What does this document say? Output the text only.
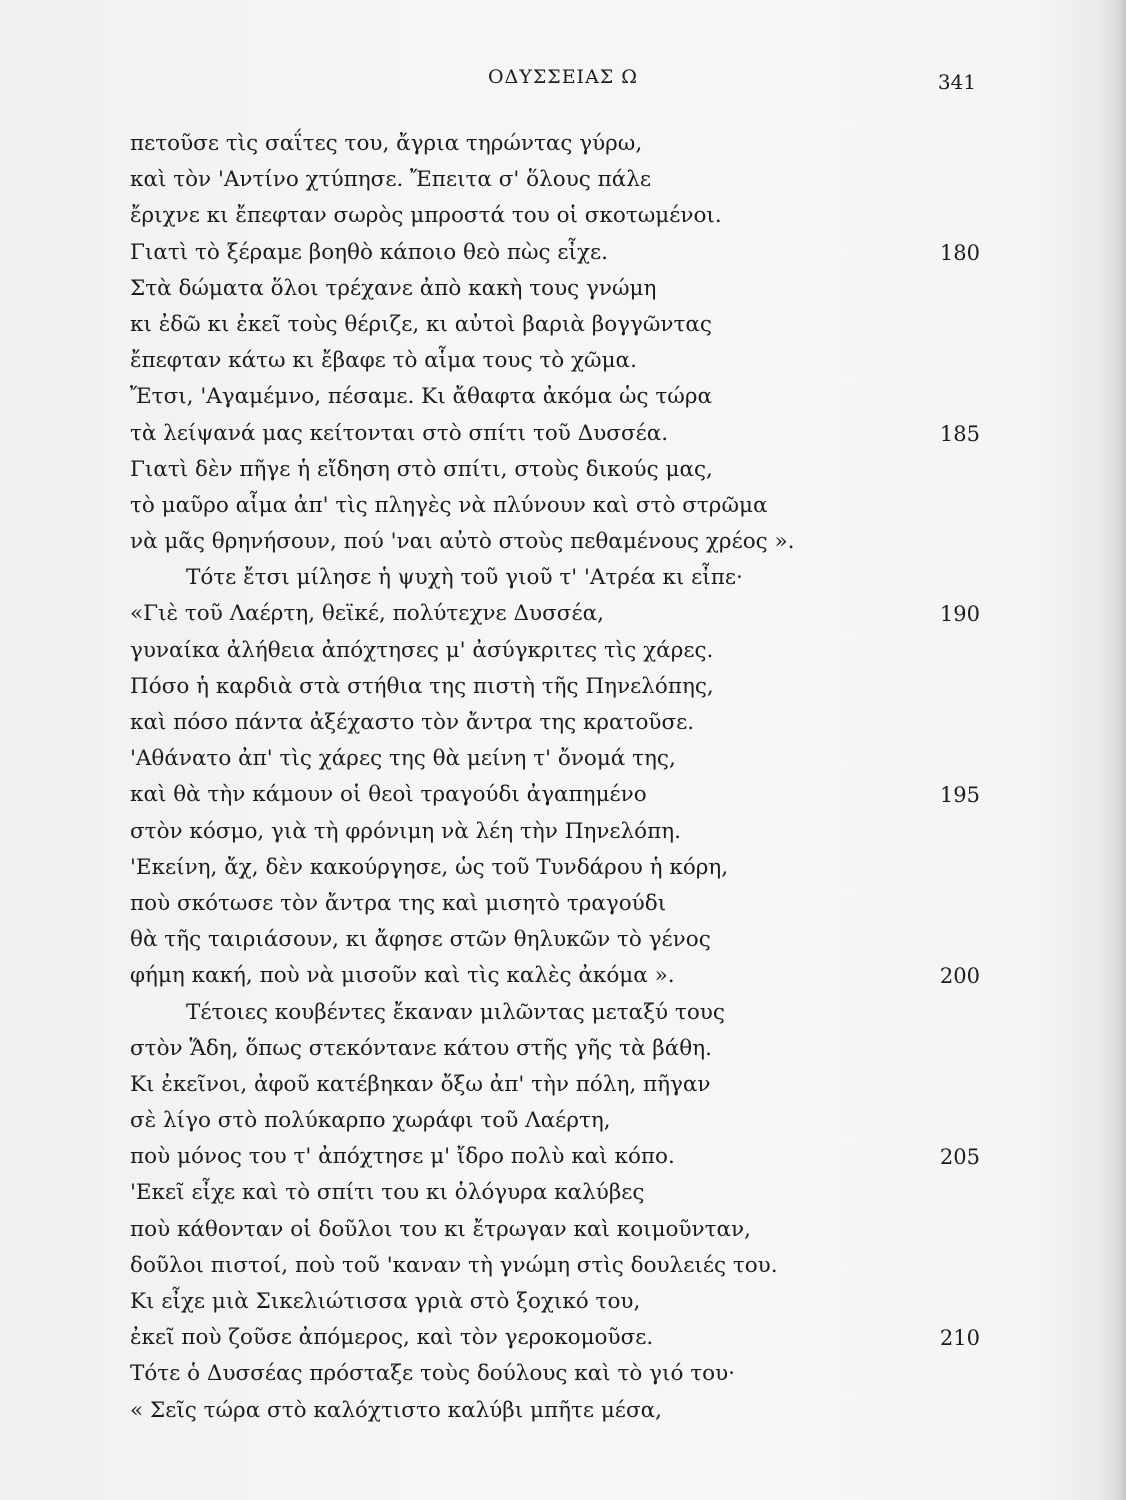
ΟΔΥΣΣΕΙΑΣ Ω	341
πετοῦσε τὶς σαΐτες του, ἄγρια τηρώντας γύρω,
καὶ τὸν 'Αντίνο χτύπησε. Ἔπειτα σ' ὅλους πάλε
ἔριχνε κι ἔπεφταν σωρὸς μπροστά του οἱ σκοτωμένοι.
Γιατὶ τὸ ξέραμε βοηθὸ κάποιο θεὸ πὼς εἶχε.	180
Στὰ δώματα ὅλοι τρέχανε ἀπὸ κακὴ τους γνώμη
κι ἐδῶ κι ἐκεῖ τοὺς θέριζε, κι αὐτοὶ βαριὰ βογγῶντας
ἔπεφταν κάτω κι ἔβαφε τὸ αἷμα τους τὸ χῶμα.
Ἔτσι, 'Αγαμέμνο, πέσαμε. Κι ἄθαφτα ἀκόμα ὡς τώρα
τὰ λείψανά μας κείτονται στὸ σπίτι τοῦ Δυσσέα.	185
Γιατὶ δὲν πῆγε ἡ εἴδηση στὸ σπίτι, στοὺς δικούς μας,
τὸ μαῦρο αἷμα ἀπ' τὶς πληγὲς νὰ πλύνουν καὶ στὸ στρῶμα
νὰ μᾶς θρηνήσουν, πού 'ναι αὐτὸ στοὺς πεθαμένους χρέος ».
Τότε ἔτσι μίλησε ἡ ψυχὴ τοῦ γιοῦ τ' 'Ατρέα κι εἶπε·
«Γιὲ τοῦ Λαέρτη, θεϊκέ, πολύτεχνε Δυσσέα,	190
γυναίκα ἀλήθεια ἀπόχτησες μ' ἀσύγκριτες τὶς χάρες.
Πόσο ἡ καρδιὰ στὰ στήθια της πιστὴ τῆς Πηνελόπης,
καὶ πόσο πάντα ἀξέχαστο τὸν ἄντρα της κρατοῦσε.
'Αθάνατο ἀπ' τὶς χάρες της θὰ μείνη τ' ὄνομά της,
καὶ θὰ τὴν κάμουν οἱ θεοὶ τραγούδι ἀγαπημένο	195
στὸν κόσμο, γιὰ τὴ φρόνιμη νὰ λέη τὴν Πηνελόπη.
'Εκείνη, ἄχ, δὲν κακούργησε, ὡς τοῦ Τυνδάρου ἡ κόρη,
ποὺ σκότωσε τὸν ἄντρα της καὶ μισητὸ τραγούδι
θὰ τῆς ταιριάσουν, κι ἄφησε στῶν θηλυκῶν τὸ γένος
φήμη κακή, ποὺ νὰ μισοῦν καὶ τὶς καλὲς ἀκόμα ».	200
Τέτοιες κουβέντες ἔκαναν μιλῶντας μεταξύ τους
στὸν Ἅδη, ὅπως στεκόντανε κάτου στῆς γῆς τὰ βάθη.
Κι ἐκεῖνοι, ἀφοῦ κατέβηκαν ὄξω ἀπ' τὴν πόλη, πῆγαν
σὲ λίγο στὸ πολύκαρπο χωράφι τοῦ Λαέρτη,
ποὺ μόνος του τ' ἀπόχτησε μ' ἴδρο πολὺ καὶ κόπο.	205
'Εκεῖ εἶχε καὶ τὸ σπίτι του κι ὁλόγυρα καλύβες
ποὺ κάθονταν οἱ δοῦλοι του κι ἔτρωγαν καὶ κοιμοῦνταν,
δοῦλοι πιστοί, ποὺ τοῦ 'καναν τὴ γνώμη στὶς δουλειές του.
Κι εἶχε μιὰ Σικελιώτισσα γριὰ στὸ ξοχικό του,
ἐκεῖ ποὺ ζοῦσε ἀπόμερος, καὶ τὸν γεροκομοῦσε.	210
Τότε ὁ Δυσσέας πρόσταξε τοὺς δούλους καὶ τὸ γιό του·
« Σεῖς τώρα στὸ καλόχτιστο καλύβι μπῆτε μέσα,
